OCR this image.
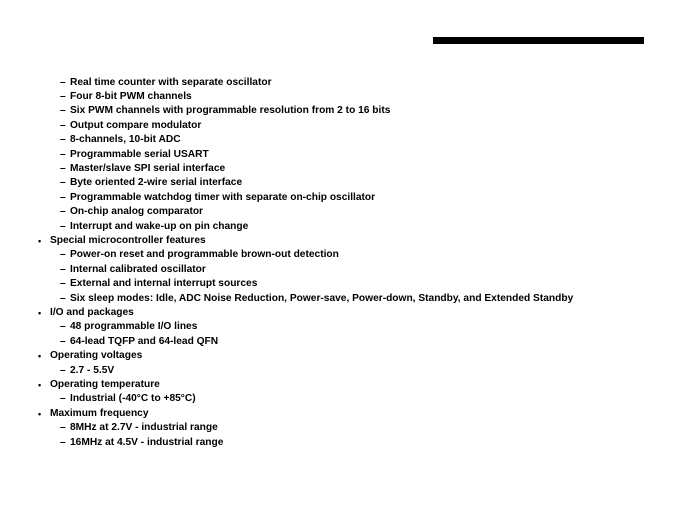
– Real time counter with separate oscillator
– Four 8-bit PWM channels
– Six PWM channels with programmable resolution from 2 to 16 bits
– Output compare modulator
– 8-channels, 10-bit ADC
– Programmable serial USART
– Master/slave SPI serial interface
– Byte oriented 2-wire serial interface
– Programmable watchdog timer with separate on-chip oscillator
– On-chip analog comparator
– Interrupt and wake-up on pin change
• Special microcontroller features
– Power-on reset and programmable brown-out detection
– Internal calibrated oscillator
– External and internal interrupt sources
– Six sleep modes: Idle, ADC Noise Reduction, Power-save, Power-down, Standby, and Extended Standby
• I/O and packages
– 48 programmable I/O lines
– 64-lead TQFP and 64-lead QFN
• Operating voltages
– 2.7 - 5.5V
• Operating temperature
– Industrial (-40°C to +85°C)
• Maximum frequency
– 8MHz at 2.7V - industrial range
– 16MHz at 4.5V - industrial range
